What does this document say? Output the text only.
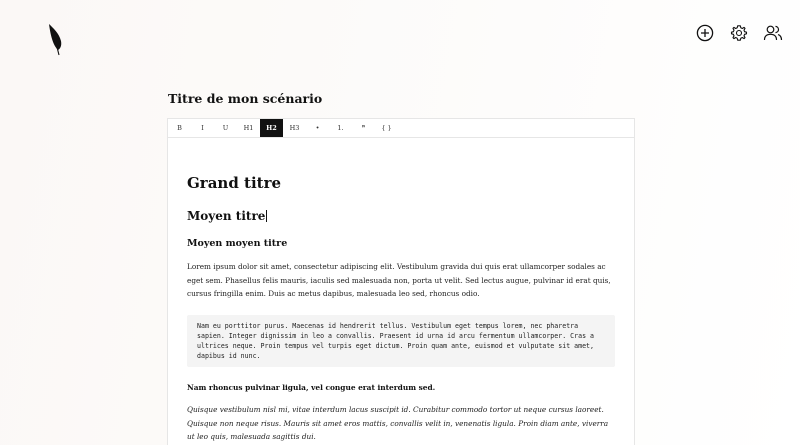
Titre de mon scénario
B	I	U	H1	H2	H3	•	1.	❞	{ }
Grand titre
Moyen titre
Moyen moyen titre
Lorem ipsum dolor sit amet, consectetur adipiscing elit. Vestibulum gravida dui quis erat ullamcorper sodales ac eget sem. Phasellus felis mauris, iaculis sed malesuada non, porta ut velit. Sed lectus augue, pulvinar id erat quis, cursus fringilla enim. Duis ac metus dapibus, malesuada leo sed, rhoncus odio.
Nam eu porttitor purus. Maecenas id hendrerit tellus. Vestibulum eget tempus lorem, nec pharetra sapien. Integer dignissim in leo a convallis. Praesent id urna id arcu fermentum ullamcorper. Cras a ultrices neque. Proin tempus vel turpis eget dictum. Proin quam ante, euismod et vulputate sit amet, dapibus id nunc.
Nam rhoncus pulvinar ligula, vel congue erat interdum sed.
Quisque vestibulum nisl mi, vitae interdum lacus suscipit id. Curabitur commodo tortor ut neque cursus laoreet. Quisque non neque risus. Mauris sit amet eros mattis, convallis velit in, venenatis ligula. Proin diam ante, viverra ut leo quis, malesuada sagittis dui.
